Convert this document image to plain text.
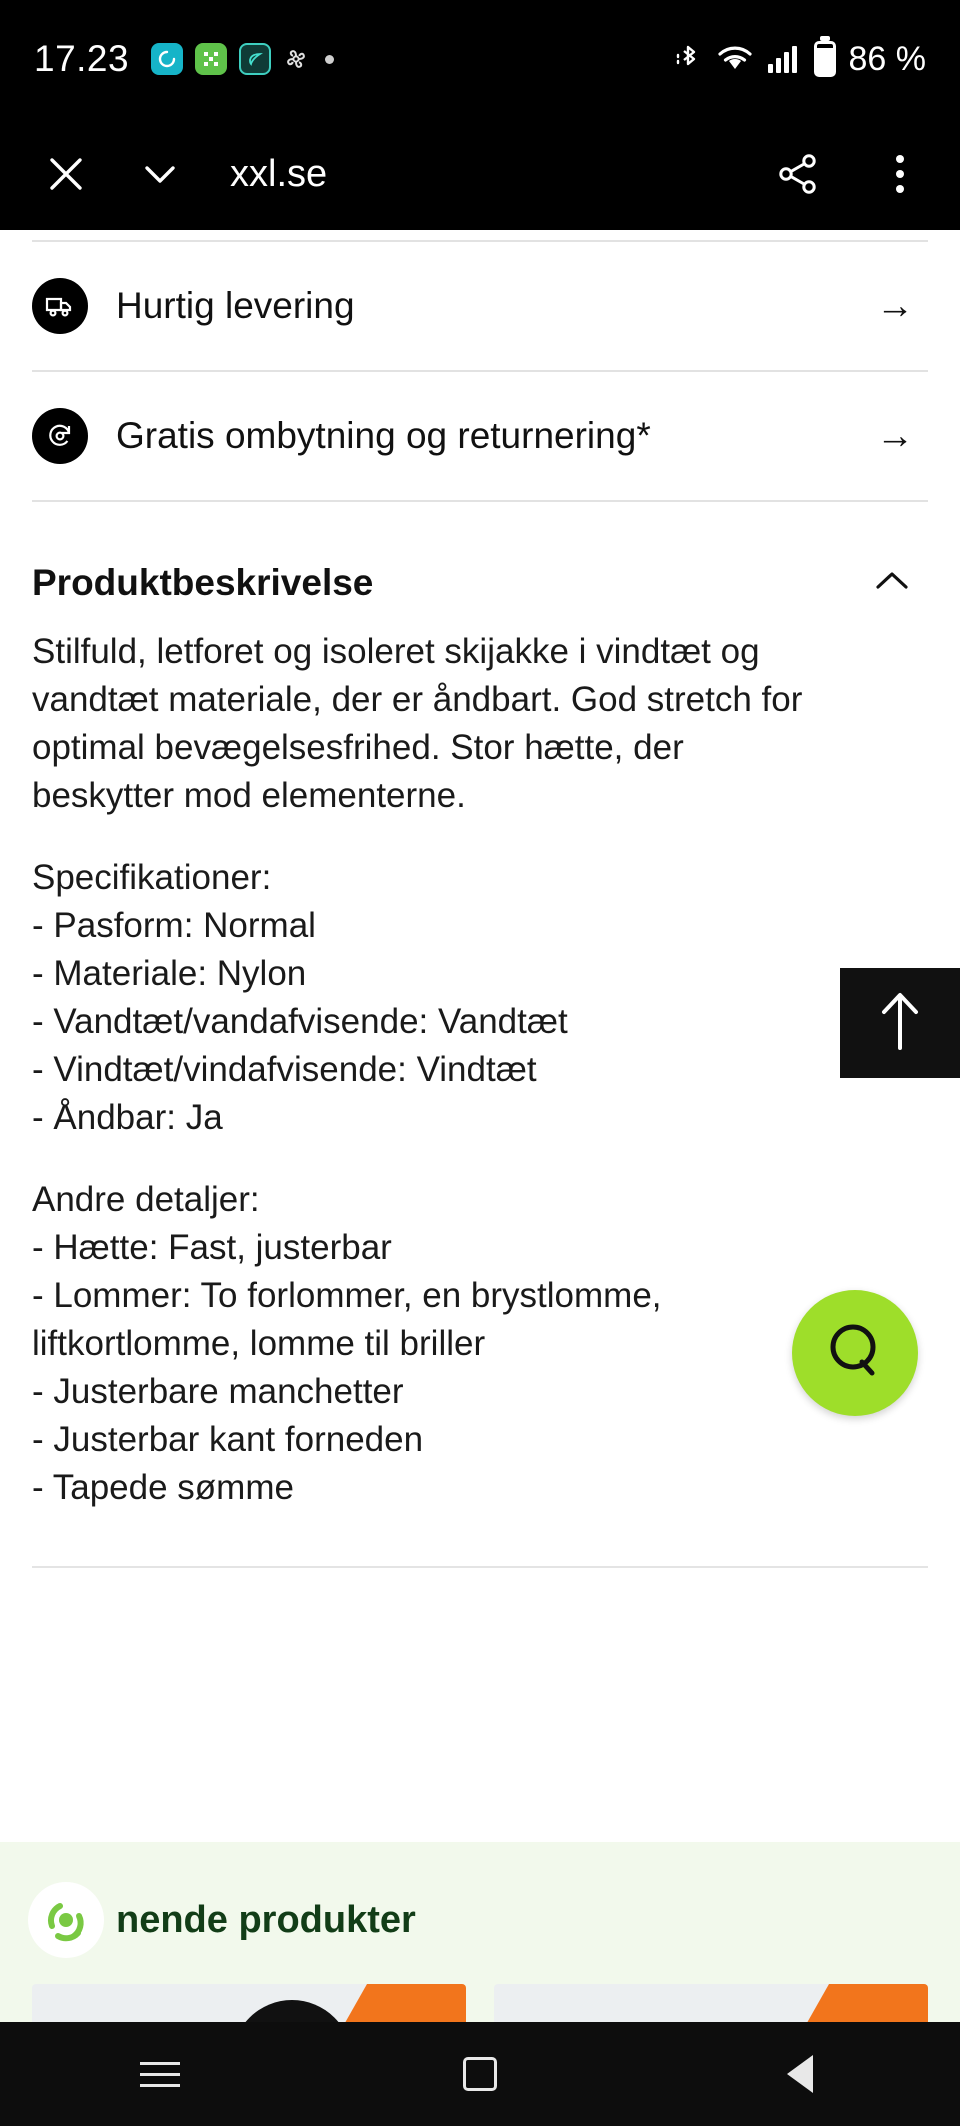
17.23	86 %
xxl.se
Hurtig levering	→
Gratis ombytning og returnering*	→
Produktbeskrivelse

Stilfuld, letforet og isoleret skijakke i vindtæt og
vandtæt materiale, der er åndbart. God stretch for
optimal bevægelsesfrihed. Stor hætte, der
beskytter mod elementerne.

Specifikationer:
- Pasform: Normal
- Materiale: Nylon
- Vandtæt/vandafvisende: Vandtæt
- Vindtæt/vindafvisende: Vindtæt
- Åndbar: Ja

Andre detaljer:
- Hætte: Fast, justerbar
- Lommer: To forlommer, en brystlomme,
liftkortlomme, lomme til briller
- Justerbare manchetter
- Justerbar kant forneden
- Tapede sømme

nende produkter
